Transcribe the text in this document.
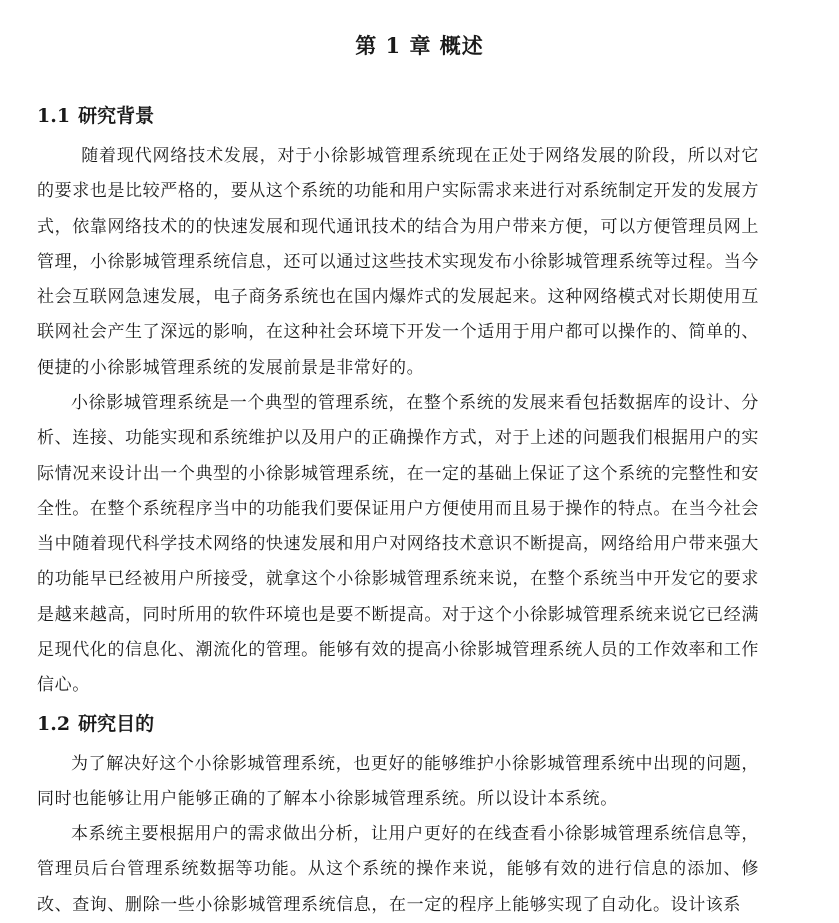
第 1 章 概述
1.1 研究背景

随着现代网络技术发展，对于小徐影城管理系统现在正处于网络发展的阶段，所以对它的要求也是比较严格的，要从这个系统的功能和用户实际需求来进行对系统制定开发的发展方式，依靠网络技术的的快速发展和现代通讯技术的结合为用户带来方便，可以方便管理员网上管理，小徐影城管理系统信息，还可以通过这些技术实现发布小徐影城管理系统等过程。当今社会互联网急速发展，电子商务系统也在国内爆炸式的发展起来。这种网络模式对长期使用互联网社会产生了深远的影响，在这种社会环境下开发一个适用于用户都可以操作的、简单的、便捷的小徐影城管理系统的发展前景是非常好的。

小徐影城管理系统是一个典型的管理系统，在整个系统的发展来看包括数据库的设计、分析、连接、功能实现和系统维护以及用户的正确操作方式，对于上述的问题我们根据用户的实际情况来设计出一个典型的小徐影城管理系统，在一定的基础上保证了这个系统的完整性和安全性。在整个系统程序当中的功能我们要保证用户方便使用而且易于操作的特点。在当今社会当中随着现代科学技术网络的快速发展和用户对网络技术意识不断提高，网络给用户带来强大的功能早已经被用户所接受，就拿这个小徐影城管理系统来说，在整个系统当中开发它的要求是越来越高，同时所用的软件环境也是要不断提高。对于这个小徐影城管理系统来说它已经满足现代化的信息化、潮流化的管理。能够有效的提高小徐影城管理系统人员的工作效率和工作信心。

1.2 研究目的

为了解决好这个小徐影城管理系统，也更好的能够维护小徐影城管理系统中出现的问题，同时也能够让用户能够正确的了解本小徐影城管理系统。所以设计本系统。

本系统主要根据用户的需求做出分析，让用户更好的在线查看小徐影城管理系统信息等，管理员后台管理系统数据等功能。从这个系统的操作来说，能够有效的进行信息的添加、修改、查询、删除一些小徐影城管理系统信息，在一定的程序上能够实现了自动化。设计该系
